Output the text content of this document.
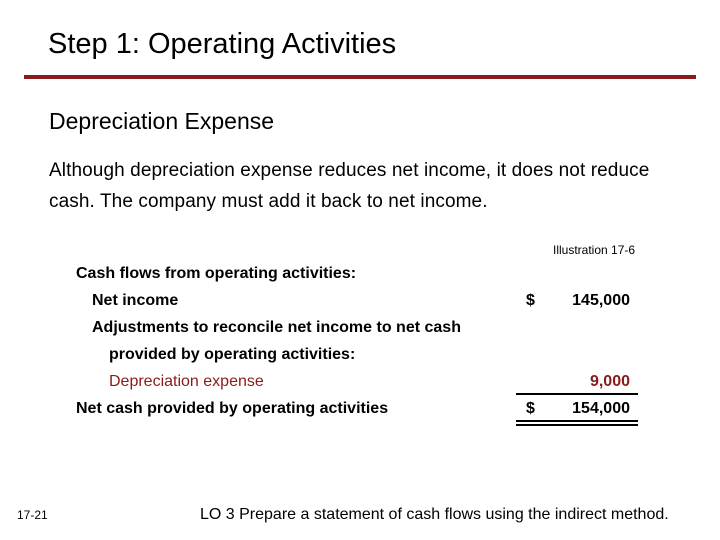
Step 1: Operating Activities
Depreciation Expense
Although depreciation expense reduces net income, it does not reduce cash. The company must add it back to net income.
Illustration 17-6
Cash flows from operating activities:
Net income	$	145,000
Adjustments to reconcile net income to net cash
provided by operating activities:
Depreciation expense	9,000
Net cash provided by operating activities	$	154,000
17-21	LO 3 Prepare a statement of cash flows using the indirect method.
